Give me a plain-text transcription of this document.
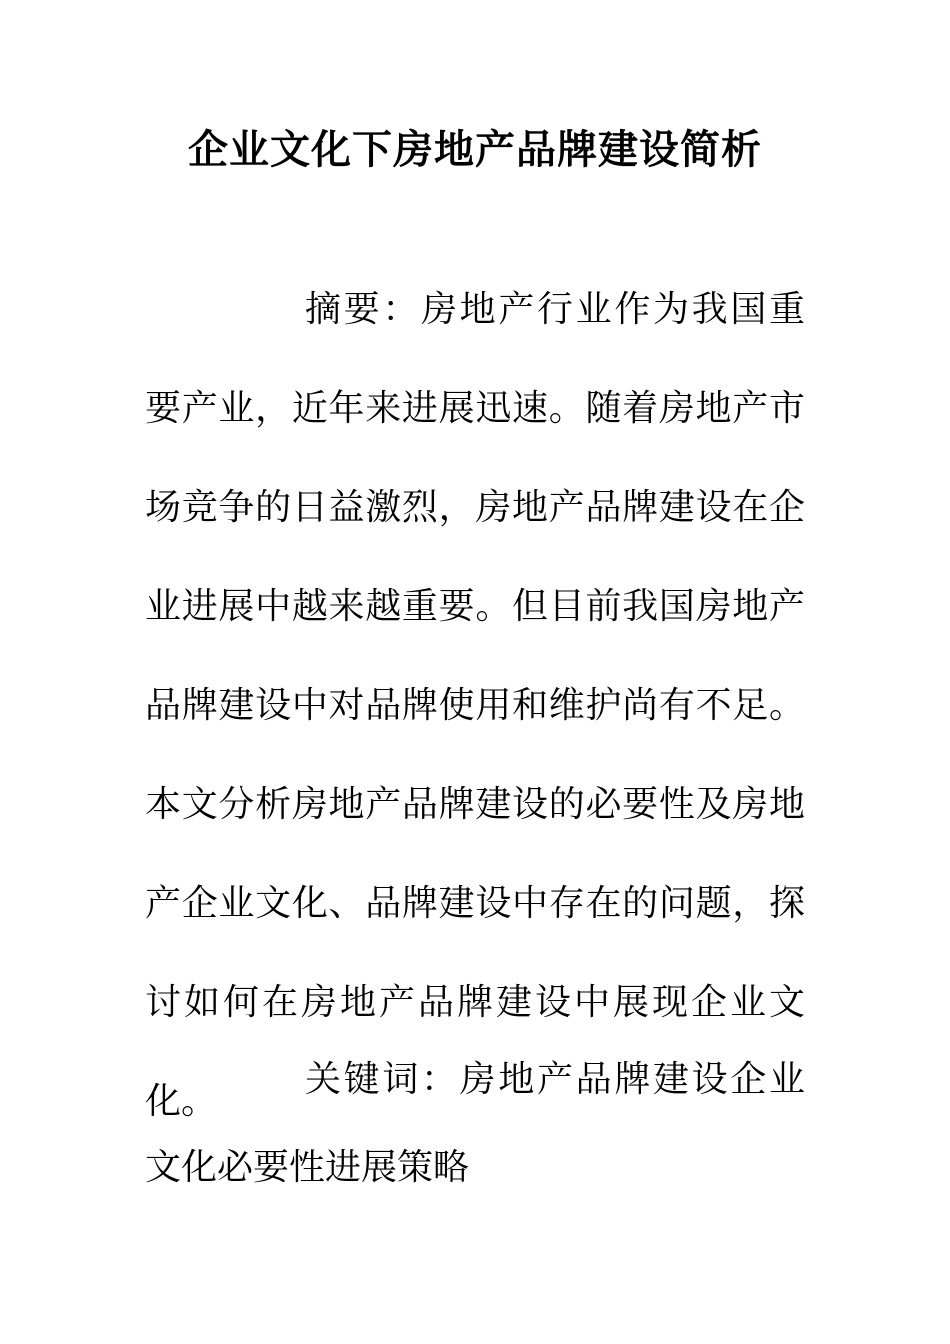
企业文化下房地产品牌建设简析

摘要：房地产行业作为我国重要产业，近年来进展迅速。随着房地产市场竞争的日益激烈，房地产品牌建设在企业进展中越来越重要。但目前我国房地产品牌建设中对品牌使用和维护尚有不足。本文分析房地产品牌建设的必要性及房地产企业文化、品牌建设中存在的问题，探讨如何在房地产品牌建设中展现企业文化。

关键词：房地产品牌建设企业文化必要性进展策略
